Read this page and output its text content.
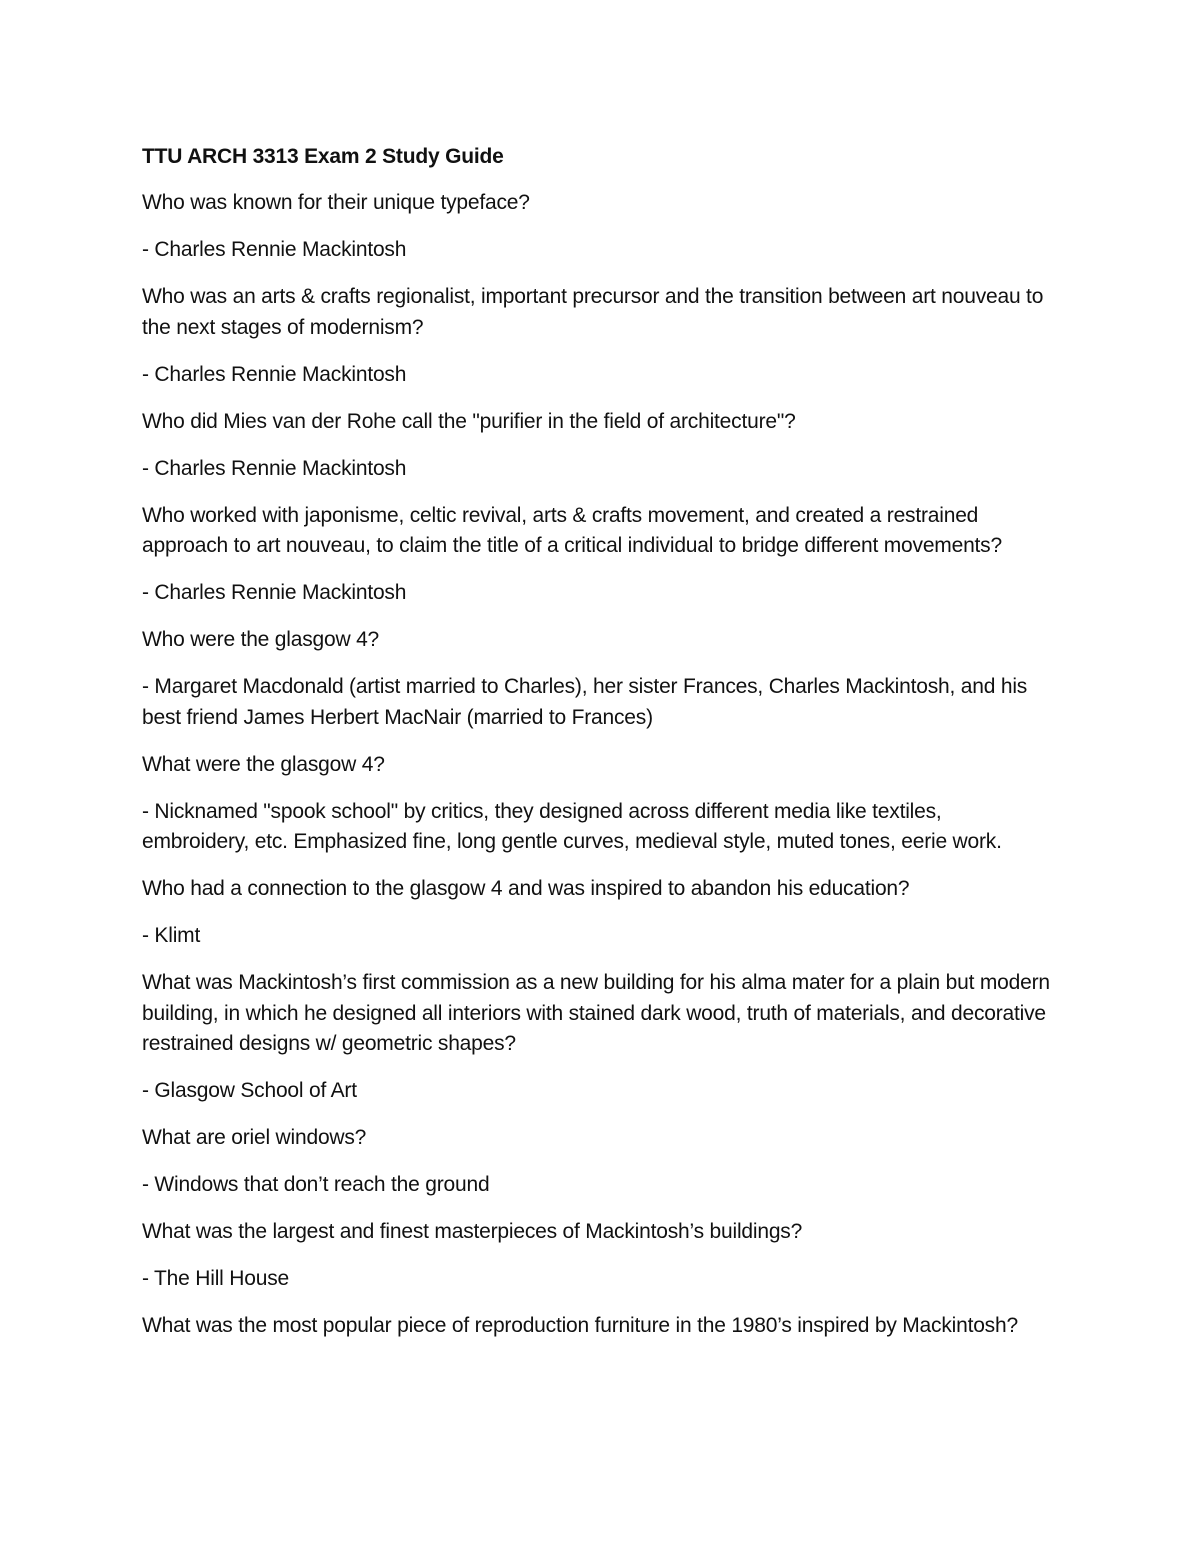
TTU ARCH 3313 Exam 2 Study Guide

Who was known for their unique typeface?

- Charles Rennie Mackintosh

Who was an arts & crafts regionalist, important precursor and the transition between art nouveau to the next stages of modernism?

- Charles Rennie Mackintosh

Who did Mies van der Rohe call the "purifier in the field of architecture"?

- Charles Rennie Mackintosh

Who worked with japonisme, celtic revival, arts & crafts movement, and created a restrained approach to art nouveau, to claim the title of a critical individual to bridge different movements?

- Charles Rennie Mackintosh

Who were the glasgow 4?

- Margaret Macdonald (artist married to Charles), her sister Frances, Charles Mackintosh, and his best friend James Herbert MacNair (married to Frances)

What were the glasgow 4?

- Nicknamed "spook school" by critics, they designed across different media like textiles, embroidery, etc. Emphasized fine, long gentle curves, medieval style, muted tones, eerie work.

Who had a connection to the glasgow 4 and was inspired to abandon his education?

- Klimt

What was Mackintosh’s first commission as a new building for his alma mater for a plain but modern building, in which he designed all interiors with stained dark wood, truth of materials, and decorative restrained designs w/ geometric shapes?

- Glasgow School of Art

What are oriel windows?

- Windows that don’t reach the ground

What was the largest and finest masterpieces of Mackintosh’s buildings?

- The Hill House

What was the most popular piece of reproduction furniture in the 1980’s inspired by Mackintosh?
